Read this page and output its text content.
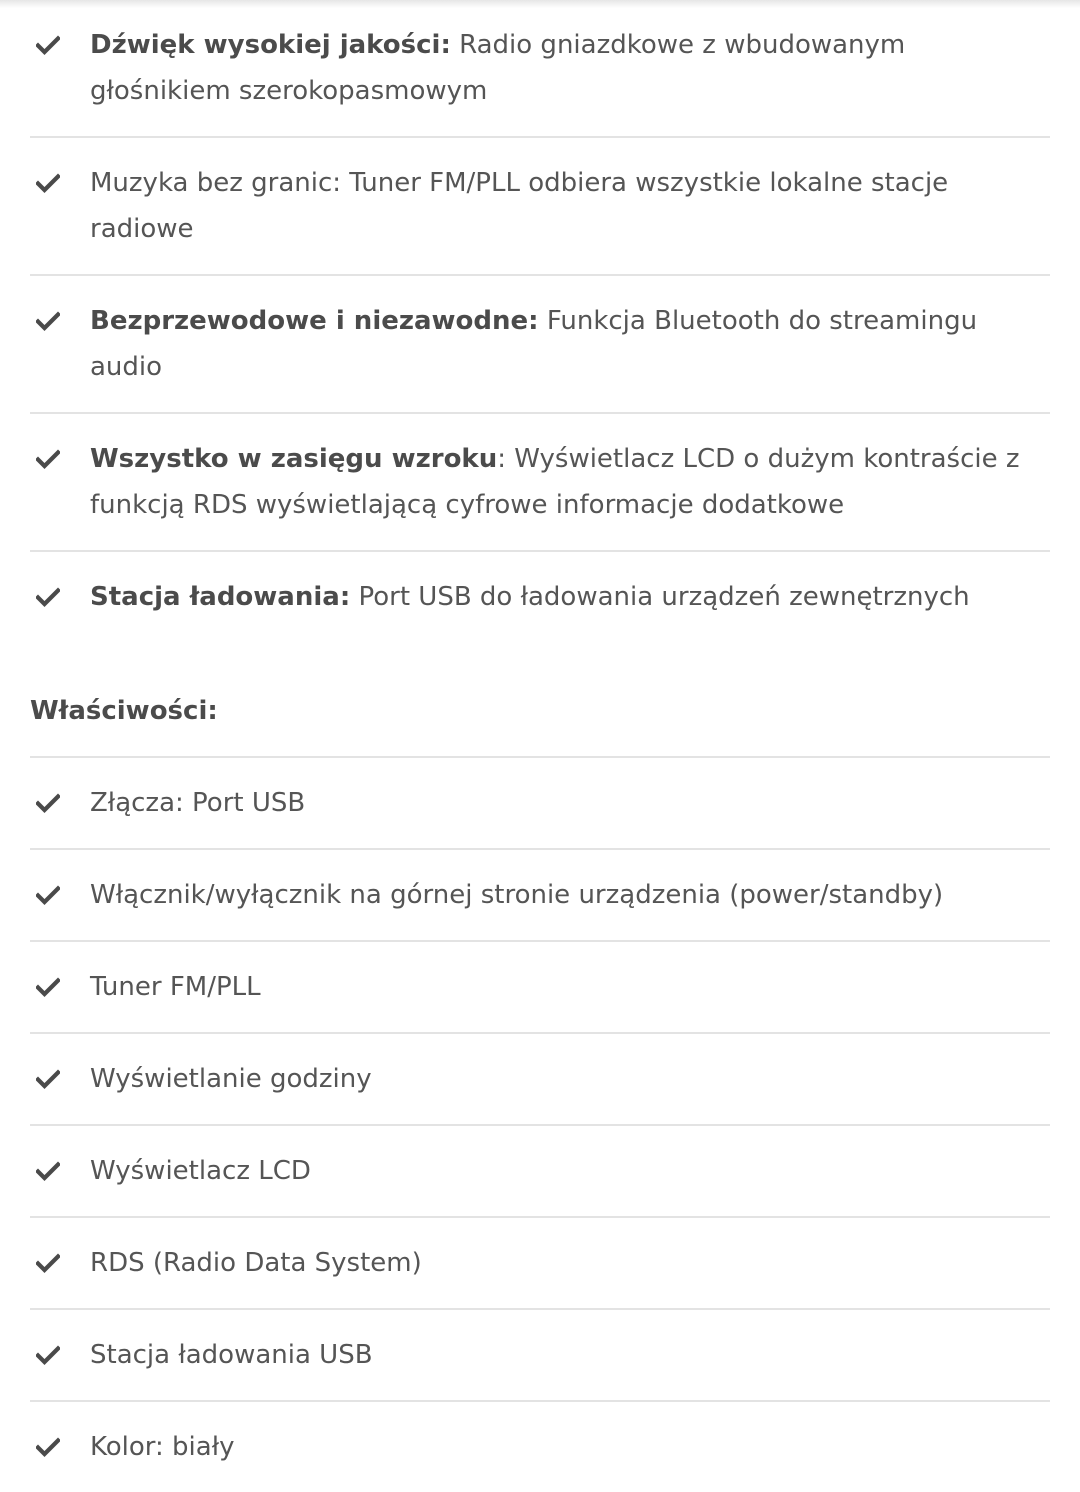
Dźwięk wysokiej jakości: Radio gniazdkowe z wbudowanym głośnikiem szerokopasmowym
Muzyka bez granic: Tuner FM/PLL odbiera wszystkie lokalne stacje radiowe
Bezprzewodowe i niezawodne: Funkcja Bluetooth do streamingu audio
Wszystko w zasięgu wzroku: Wyświetlacz LCD o dużym kontraście z funkcją RDS wyświetlającą cyfrowe informacje dodatkowe
Stacja ładowania: Port USB do ładowania urządzeń zewnętrznych
Właściwości:
Złącza: Port USB
Włącznik/wyłącznik na górnej stronie urządzenia (power/standby)
Tuner FM/PLL
Wyświetlanie godziny
Wyświetlacz LCD
RDS (Radio Data System)
Stacja ładowania USB
Kolor: biały
